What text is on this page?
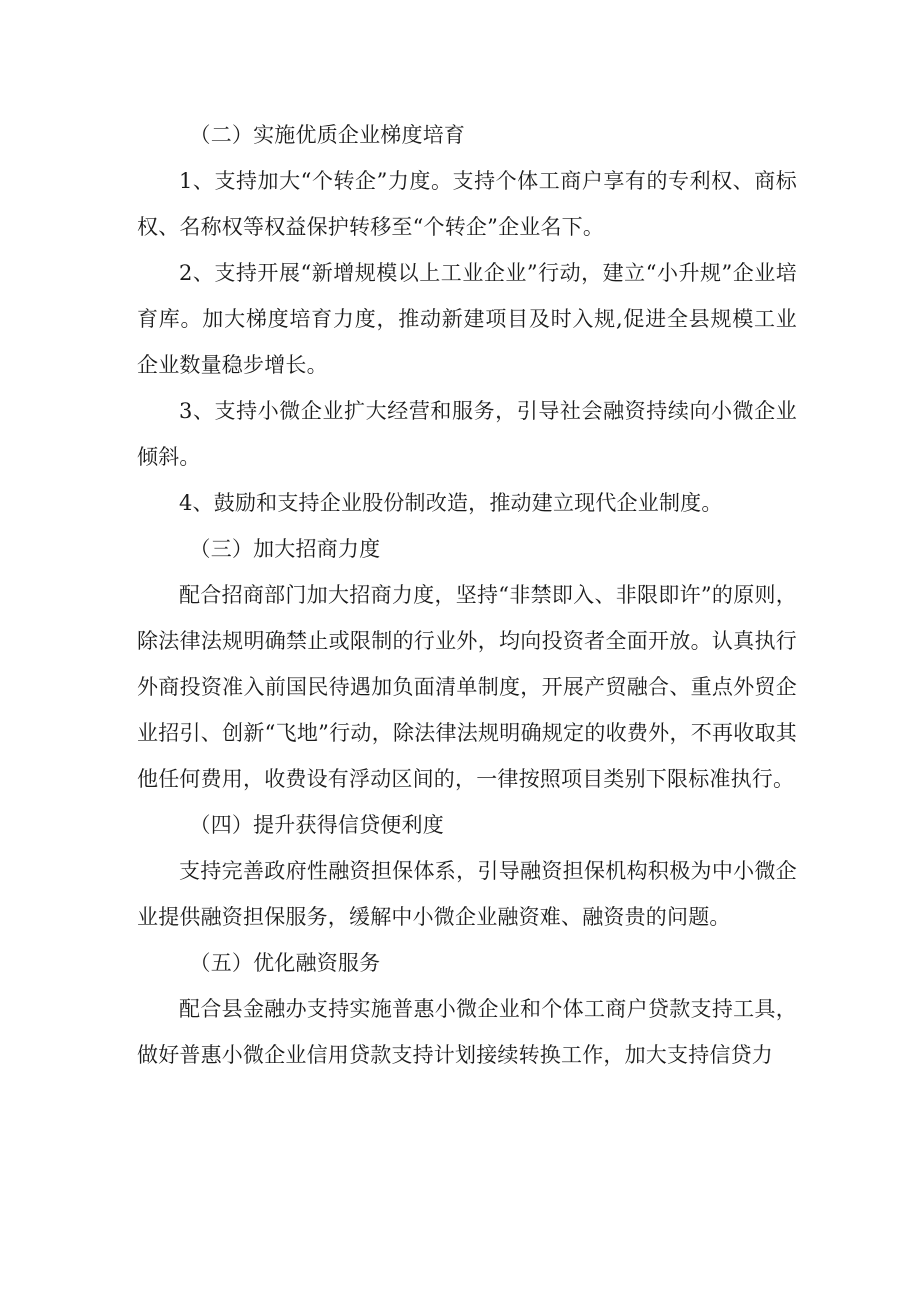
（二）实施优质企业梯度培育

1、支持加大“个转企”力度。支持个体工商户享有的专利权、商标权、名称权等权益保护转移至“个转企”企业名下。

2、支持开展“新增规模以上工业企业”行动，建立“小升规”企业培育库。加大梯度培育力度，推动新建项目及时入规,促进全县规模工业企业数量稳步增长。

3、支持小微企业扩大经营和服务，引导社会融资持续向小微企业倾斜。

4、鼓励和支持企业股份制改造，推动建立现代企业制度。

（三）加大招商力度

配合招商部门加大招商力度，坚持“非禁即入、非限即许”的原则，除法律法规明确禁止或限制的行业外，均向投资者全面开放。认真执行外商投资准入前国民待遇加负面清单制度，开展产贸融合、重点外贸企业招引、创新“飞地”行动，除法律法规明确规定的收费外，不再收取其他任何费用，收费设有浮动区间的，一律按照项目类别下限标准执行。

（四）提升获得信贷便利度

支持完善政府性融资担保体系，引导融资担保机构积极为中小微企业提供融资担保服务，缓解中小微企业融资难、融资贵的问题。

（五）优化融资服务

配合县金融办支持实施普惠小微企业和个体工商户贷款支持工具，做好普惠小微企业信用贷款支持计划接续转换工作，加大支持信贷力
